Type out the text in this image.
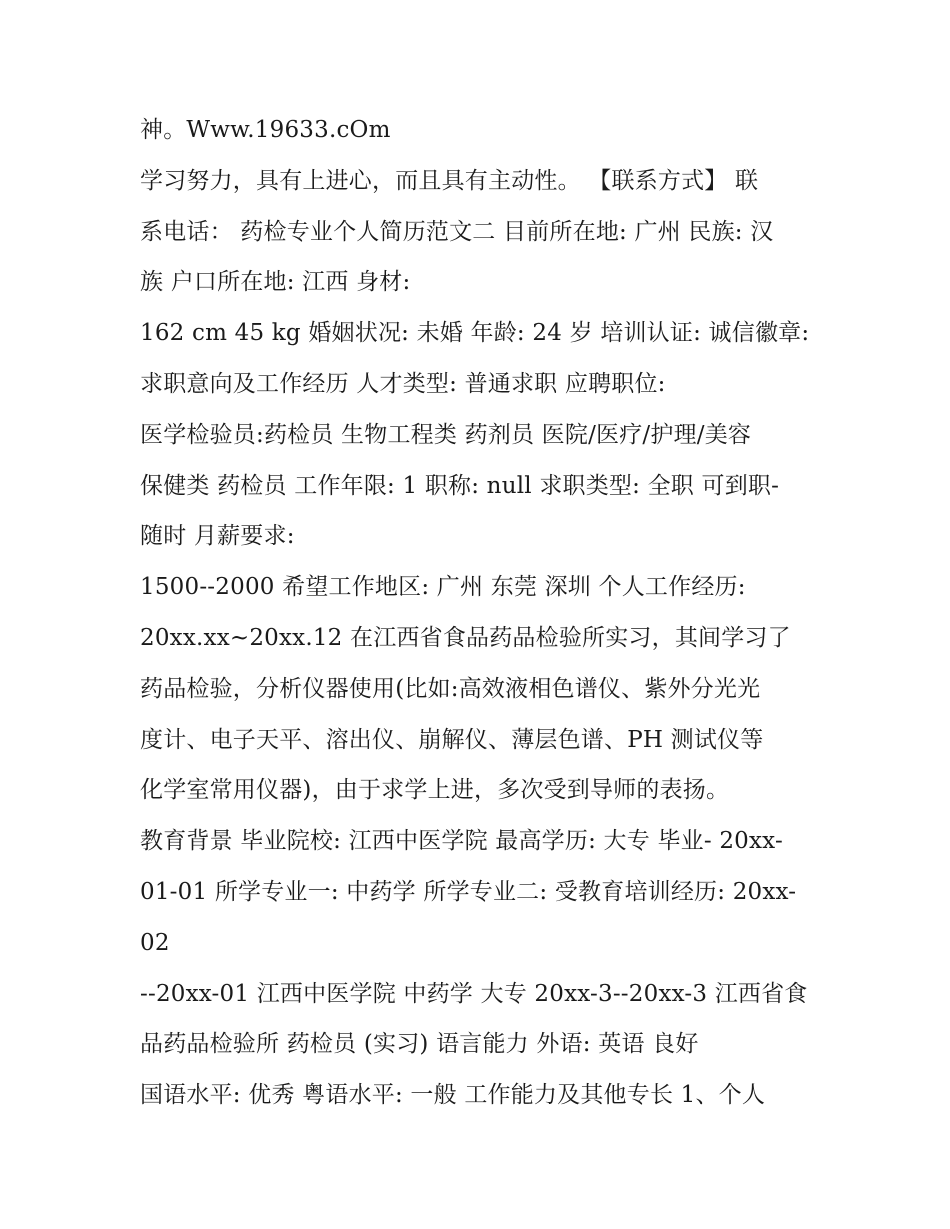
神。Www.19633.cOm
学习努力，具有上进心，而且具有主动性。 【联系方式】 联
系电话： 药检专业个人简历范文二 目前所在地: 广州 民族: 汉
族 户口所在地: 江西 身材:
162 cm 45 kg 婚姻状况: 未婚 年龄: 24 岁 培训认证: 诚信徽章:
求职意向及工作经历 人才类型: 普通求职 应聘职位:
医学检验员:药检员 生物工程类 药剂员 医院/医疗/护理/美容
保健类 药检员 工作年限: 1 职称: null 求职类型: 全职 可到职-
随时 月薪要求:
1500--2000 希望工作地区: 广州 东莞 深圳 个人工作经历:
20xx.xx~20xx.12 在江西省食品药品检验所实习，其间学习了
药品检验，分析仪器使用(比如:高效液相色谱仪、紫外分光光
度计、电子天平、溶出仪、崩解仪、薄层色谱、PH 测试仪等
化学室常用仪器)，由于求学上进，多次受到导师的表扬。
教育背景 毕业院校: 江西中医学院 最高学历: 大专 毕业- 20xx-
01-01 所学专业一: 中药学 所学专业二: 受教育培训经历: 20xx-
02
--20xx-01 江西中医学院 中药学 大专 20xx-3--20xx-3 江西省食
品药品检验所 药检员 (实习) 语言能力 外语: 英语 良好
国语水平: 优秀 粤语水平: 一般 工作能力及其他专长 1、个人
